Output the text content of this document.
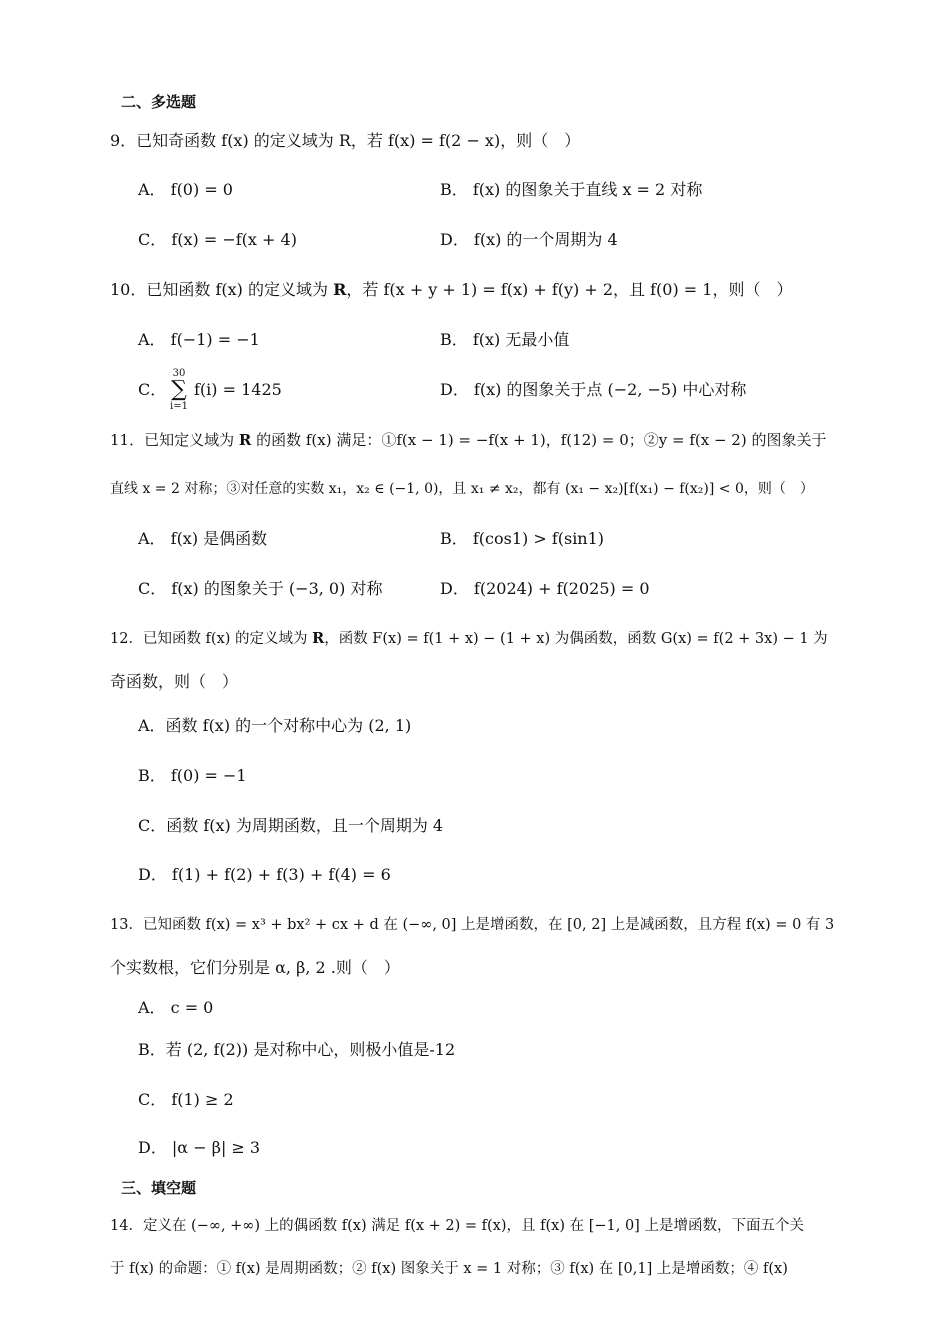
二、多选题
9．已知奇函数 f(x) 的定义域为 R，若 f(x) = f(2 − x)，则（　）
A． f(0) = 0	B． f(x) 的图象关于直线 x = 2 对称
C． f(x) = −f(x + 4)	D． f(x) 的一个周期为 4
10．已知函数 f(x) 的定义域为 R，若 f(x + y + 1) = f(x) + f(y) + 2，且 f(0) = 1，则（　）
A． f(−1) = −1	B． f(x) 无最小值
C．
30
∑
i=1
f(i) = 1425	D． f(x) 的图象关于点 (−2, −5) 中心对称
11．已知定义域为 R 的函数 f(x) 满足：①f(x − 1) = −f(x + 1)，f(12) = 0；②y = f(x − 2) 的图象关于
直线 x = 2 对称；③对任意的实数 x₁，x₂ ∈ (−1, 0)，且 x₁ ≠ x₂，都有 (x₁ − x₂)[f(x₁) − f(x₂)] < 0，则（　）
A． f(x) 是偶函数	B． f(cos1) > f(sin1)
C． f(x) 的图象关于 (−3, 0) 对称	D． f(2024) + f(2025) = 0
12．已知函数 f(x) 的定义域为 R，函数 F(x) = f(1 + x) − (1 + x) 为偶函数，函数 G(x) = f(2 + 3x) − 1 为
奇函数，则（　）
A．函数 f(x) 的一个对称中心为 (2, 1)
B． f(0) = −1
C．函数 f(x) 为周期函数，且一个周期为 4
D． f(1) + f(2) + f(3) + f(4) = 6
13．已知函数 f(x) = x³ + bx² + cx + d 在 (−∞, 0] 上是增函数，在 [0, 2] 上是减函数，且方程 f(x) = 0 有 3
个实数根，它们分别是 α, β, 2 .则（　）
A． c = 0
B．若 (2, f(2)) 是对称中心，则极小值是-12
C． f(1) ≥ 2
D． |α − β| ≥ 3
三、填空题
14．定义在 (−∞, +∞) 上的偶函数 f(x) 满足 f(x + 2) = f(x)，且 f(x) 在 [−1, 0] 上是增函数，下面五个关
于 f(x) 的命题：① f(x) 是周期函数；② f(x) 图象关于 x = 1 对称；③ f(x) 在 [0,1] 上是增函数；④ f(x)
